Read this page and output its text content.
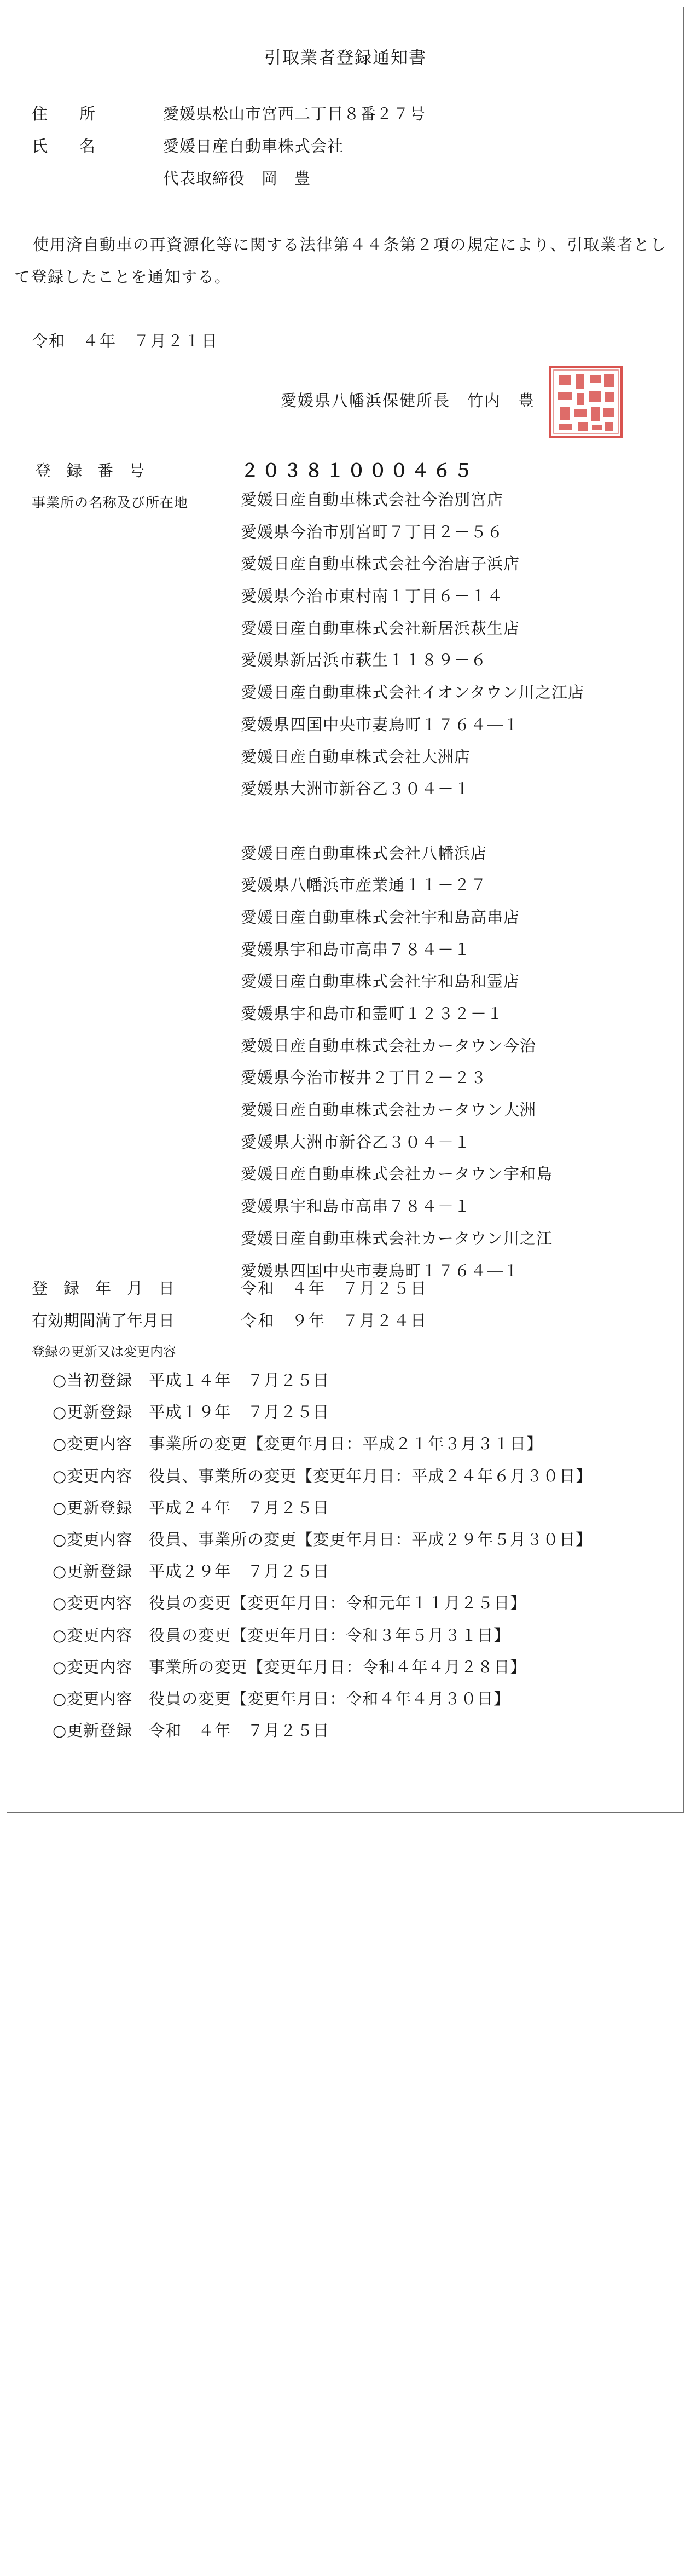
引取業者登録通知書
住　　所	愛媛県松山市宮西二丁目８番２７号
氏　　名	愛媛日産自動車株式会社
代表取締役　岡　豊
使用済自動車の再資源化等に関する法律第４４条第２項の規定により、引取業者として登録したことを通知する。
令和　４年　７月２１日
愛媛県八幡浜保健所長　竹内　豊
登録番号	２０３８１０００４６５
事業所の名称及び所在地	愛媛日産自動車株式会社今治別宮店
愛媛県今治市別宮町７丁目２－５６
愛媛日産自動車株式会社今治唐子浜店
愛媛県今治市東村南１丁目６－１４
愛媛日産自動車株式会社新居浜萩生店
愛媛県新居浜市萩生１１８９－６
愛媛日産自動車株式会社イオンタウン川之江店
愛媛県四国中央市妻鳥町１７６４―１
愛媛日産自動車株式会社大洲店
愛媛県大洲市新谷乙３０４－１
愛媛日産自動車株式会社八幡浜店
愛媛県八幡浜市産業通１１－２７
愛媛日産自動車株式会社宇和島高串店
愛媛県宇和島市高串７８４－１
愛媛日産自動車株式会社宇和島和霊店
愛媛県宇和島市和霊町１２３２－１
愛媛日産自動車株式会社カータウン今治
愛媛県今治市桜井２丁目２－２３
愛媛日産自動車株式会社カータウン大洲
愛媛県大洲市新谷乙３０４－１
愛媛日産自動車株式会社カータウン宇和島
愛媛県宇和島市高串７８４－１
愛媛日産自動車株式会社カータウン川之江
愛媛県四国中央市妻鳥町１７６４―１
登　録　年　月　日	令和　４年　７月２５日
有効期間満了年月日	令和　９年　７月２４日
登録の更新又は変更内容
○当初登録　平成１４年　７月２５日
○更新登録　平成１９年　７月２５日
○変更内容　事業所の変更【変更年月日：平成２１年３月３１日】
○変更内容　役員、事業所の変更【変更年月日：平成２４年６月３０日】
○更新登録　平成２４年　７月２５日
○変更内容　役員、事業所の変更【変更年月日：平成２９年５月３０日】
○更新登録　平成２９年　７月２５日
○変更内容　役員の変更【変更年月日：令和元年１１月２５日】
○変更内容　役員の変更【変更年月日：令和３年５月３１日】
○変更内容　事業所の変更【変更年月日：令和４年４月２８日】
○変更内容　役員の変更【変更年月日：令和４年４月３０日】
○更新登録　令和　４年　７月２５日
